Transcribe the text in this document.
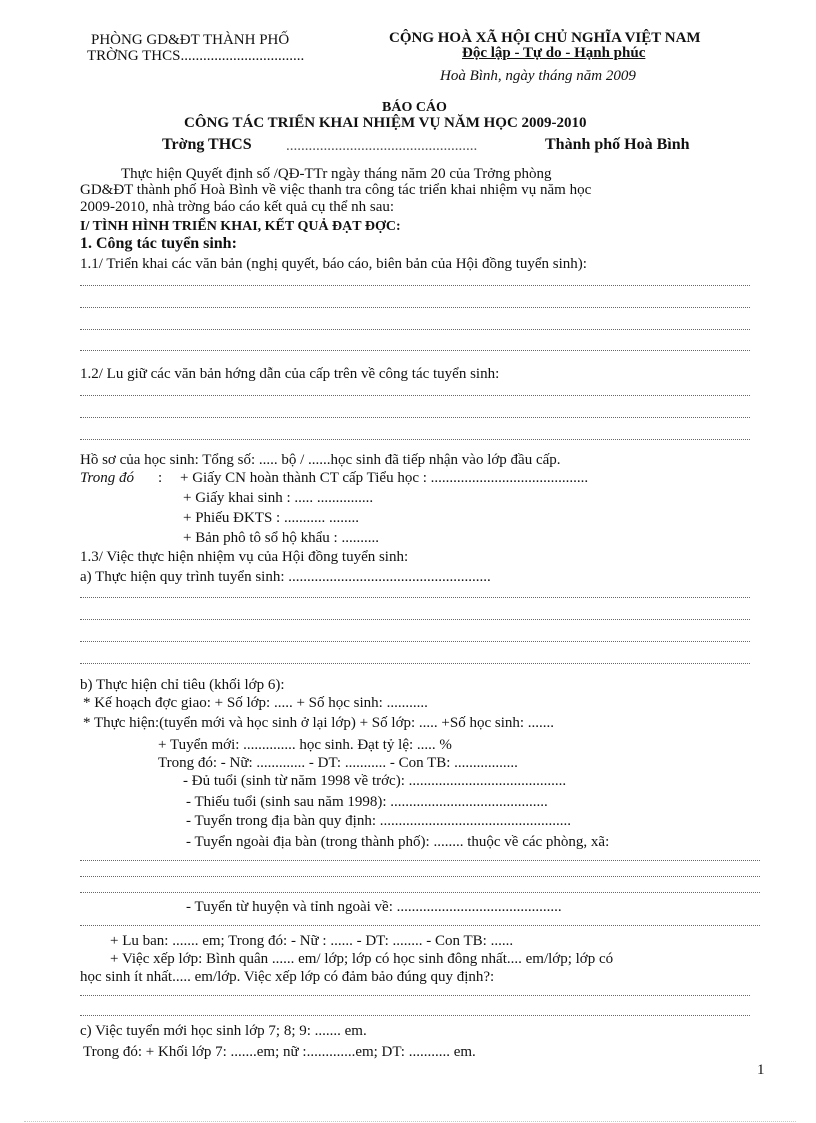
PHÒNG GD&ĐT THÀNH PHỐ
TRỜNG THCS.................................
CỘNG HOÀ XÃ HỘI CHỦ NGHĨA VIỆT NAM
Độc lập - Tự do - Hạnh phúc
Hoà Bình, ngày tháng năm 2009
BÁO CÁO
CÔNG TÁC TRIỂN KHAI NHIỆM VỤ NĂM HỌC 2009-2010
Trờng THCS ...................................................	Thành phố Hoà Bình
Thực hiện Quyết định số /QĐ-TTr ngày tháng năm 20 của Trởng phòng
GD&ĐT thành phố Hoà Bình về việc thanh tra công tác triển khai nhiệm vụ năm học
2009-2010, nhà trờng báo cáo kết quả cụ thể nh sau:
I/ TÌNH HÌNH TRIỂN KHAI, KẾT QUẢ ĐẠT ĐỢC:
1. Công tác tuyển sinh:
1.1/ Triển khai các văn bản (nghị quyết, báo cáo, biên bản của Hội đồng tuyển sinh):
1.2/ Lu giữ các văn bản hớng dẫn của cấp trên về công tác tuyển sinh:
Hồ sơ của học sinh: Tổng số: ..... bộ / ......học sinh đã tiếp nhận vào lớp đầu cấp.
Trong đó : + Giấy CN hoàn thành CT cấp Tiểu học : ..........................................
+ Giấy khai sinh : ..... ...............
+ Phiếu ĐKTS : ........... ........
+ Bản phô tô sổ hộ khẩu : ..........
1.3/ Việc thực hiện nhiệm vụ của Hội đồng tuyển sinh:
a) Thực hiện quy trình tuyển sinh: ......................................................
b) Thực hiện chỉ tiêu (khối lớp 6):
* Kế hoạch đợc giao: + Số lớp: ..... + Số học sinh: ...........
* Thực hiện:(tuyển mới và học sinh ở lại lớp) + Số lớp: ..... +Số học sinh: .......
+ Tuyển mới: .............. học sinh. Đạt tỷ lệ: ..... %
Trong đó: - Nữ: ............. - DT: ........... - Con TB: .................
- Đủ tuổi (sinh từ năm 1998 về trớc): ..........................................
- Thiếu tuổi (sinh sau năm 1998): ..........................................
- Tuyển trong địa bàn quy định: ...................................................
- Tuyển ngoài địa bàn (trong thành phố): ........ thuộc về các phòng, xã:
- Tuyển từ huyện và tỉnh ngoài về: ............................................
+ Lu ban: ....... em; Trong đó: - Nữ : ...... - DT: ........ - Con TB: ......
+ Việc xếp lớp: Bình quân ...... em/ lớp; lớp có học sinh đông nhất.... em/lớp; lớp có
học sinh ít nhất..... em/lớp. Việc xếp lớp có đảm bảo đúng quy định?:
c) Việc tuyển mới học sinh lớp 7; 8; 9: ....... em.
Trong đó: + Khối lớp 7: .......em; nữ :.............em; DT: ........... em.
1
